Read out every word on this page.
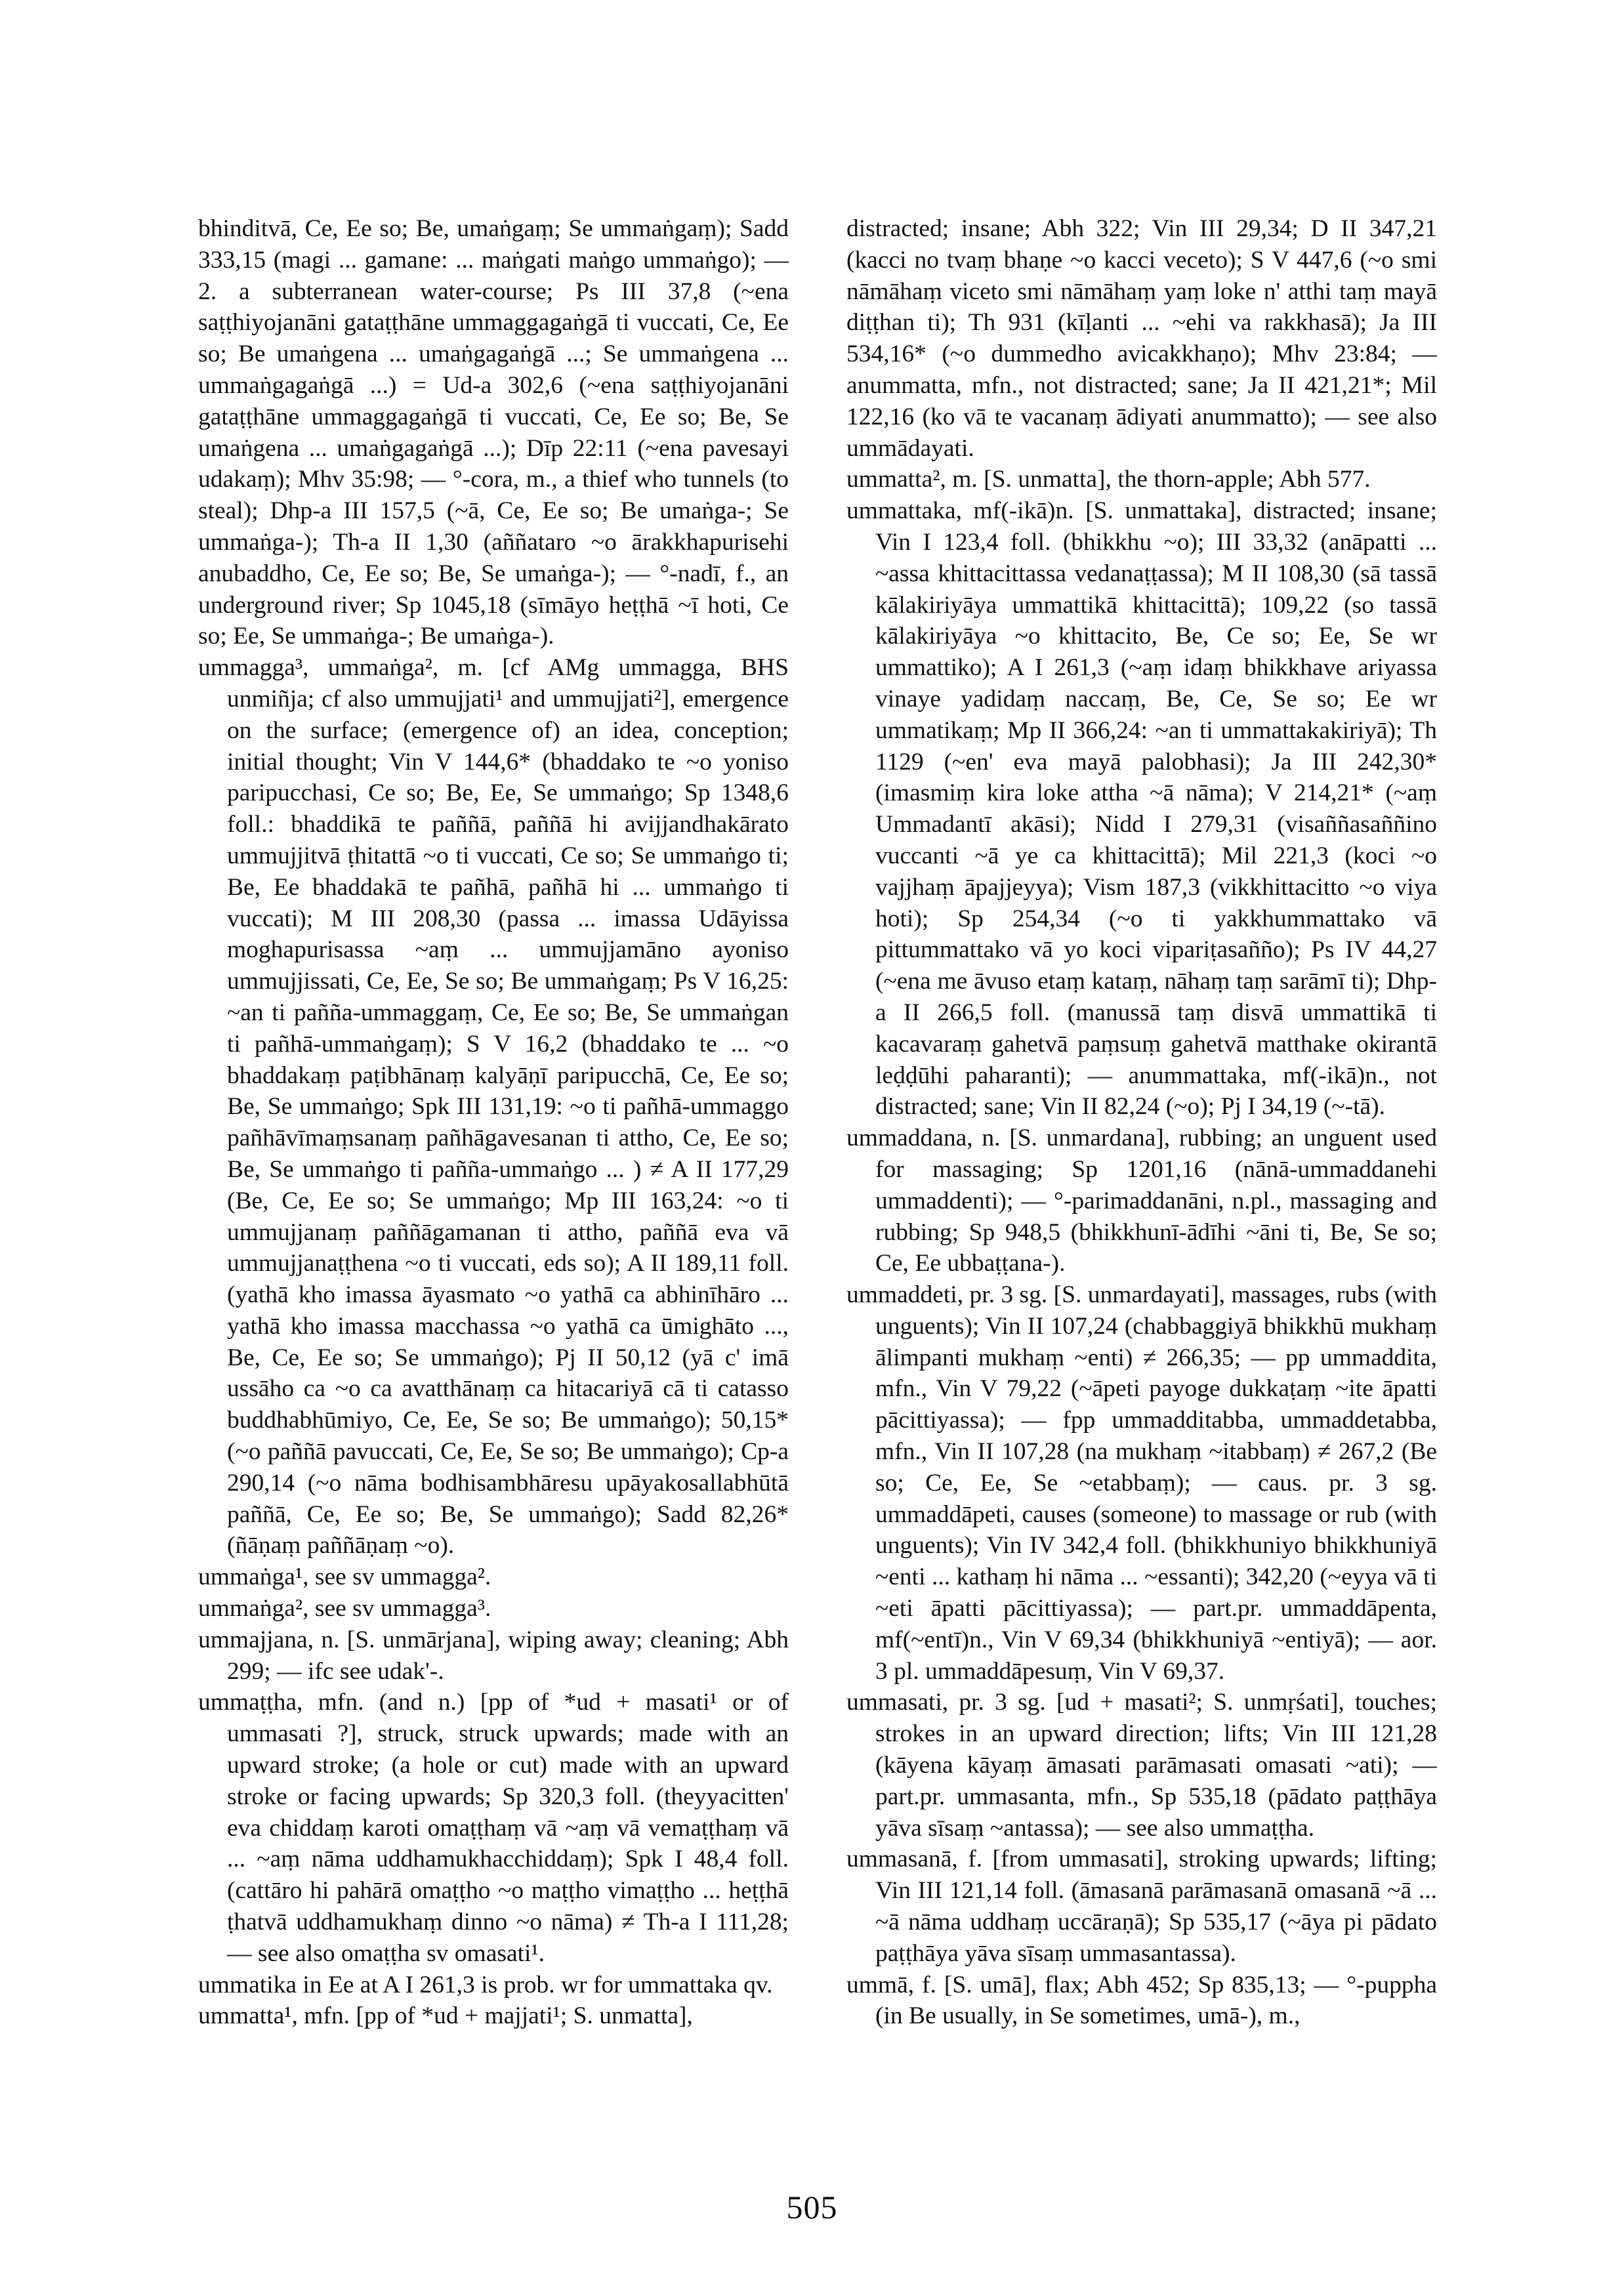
bhinditvā, Ce, Ee so; Be, umaṅgaṃ; Se ummaṅgaṃ); Sadd 333,15 (magi ... gamane: ... maṅgati maṅgo ummaṅgo); — 2. a subterranean water-course; Ps III 37,8 (~ena saṭṭhiyojanāni gataṭṭhāne ummaggagaṅgā ti vuccati, Ce, Ee so; Be umaṅgena ... umaṅgagaṅgā ...; Se ummaṅgena ... ummaṅgagaṅgā ...) = Ud-a 302,6 (~ena saṭṭhiyojanāni gataṭṭhāne ummaggagaṅgā ti vuccati, Ce, Ee so; Be, Se umaṅgena ... umaṅgagaṅgā ...); Dīp 22:11 (~ena pavesayi udakaṃ); Mhv 35:98; — °-cora, m., a thief who tunnels (to steal); Dhp-a III 157,5 (~ā, Ce, Ee so; Be umaṅga-; Se ummaṅga-); Th-a II 1,30 (aññataro ~o ārakkhapurisehi anubaddho, Ce, Ee so; Be, Se umaṅga-); — °-nadī, f., an underground river; Sp 1045,18 (sīmāyo heṭṭhā ~ī hoti, Ce so; Ee, Se ummaṅga-; Be umaṅga-).

ummagga³, ummaṅga², m. [cf AMg ummagga, BHS unmiñja; cf also ummujjati¹ and ummujjati²], emergence on the surface; (emergence of) an idea, conception; initial thought; Vin V 144,6* (bhaddako te ~o yoniso paripucchasi, Ce so; Be, Ee, Se ummaṅgo; Sp 1348,6 foll.: bhaddikā te paññā, paññā hi avijjandhakārato ummujjitvā ṭhitattā ~o ti vuccati, Ce so; Se ummaṅgo ti; Be, Ee bhaddakā te pañhā, pañhā hi ... ummaṅgo ti vuccati); M III 208,30 (passa ... imassa Udāyissa moghapurisassa ~aṃ ... ummujjamāno ayoniso ummujjissati, Ce, Ee, Se so; Be ummaṅgaṃ; Ps V 16,25: ~an ti pañña-ummaggaṃ, Ce, Ee so; Be, Se ummaṅgan ti pañhā-ummaṅgaṃ); S V 16,2 (bhaddako te ... ~o bhaddakaṃ paṭibhānaṃ kalyāṇī paripucchā, Ce, Ee so; Be, Se ummaṅgo; Spk III 131,19: ~o ti pañhā-ummaggo pañhāvīmaṃsanaṃ pañhāgavesanan ti attho, Ce, Ee so; Be, Se ummaṅgo ti pañña-ummaṅgo ... ) ≠ A II 177,29 (Be, Ce, Ee so; Se ummaṅgo; Mp III 163,24: ~o ti ummujjanaṃ paññāgamanan ti attho, paññā eva vā ummujjanaṭṭhena ~o ti vuccati, eds so); A II 189,11 foll. (yathā kho imassa āyasmato ~o yathā ca abhinīhāro ... yathā kho imassa macchassa ~o yathā ca ūmighāto ..., Be, Ce, Ee so; Se ummaṅgo); Pj II 50,12 (yā c' imā ussāho ca ~o ca avatthānaṃ ca hitacariyā cā ti catasso buddhabhūmiyo, Ce, Ee, Se so; Be ummaṅgo); 50,15* (~o paññā pavuccati, Ce, Ee, Se so; Be ummaṅgo); Cp-a 290,14 (~o nāma bodhisambhāresu upāyakosallabhūtā paññā, Ce, Ee so; Be, Se ummaṅgo); Sadd 82,26* (ñāṇaṃ paññāṇaṃ ~o).

ummaṅga¹, see sv ummagga².

ummaṅga², see sv ummagga³.

ummajjana, n. [S. unmārjana], wiping away; cleaning; Abh 299; — ifc see udak'-.

ummaṭṭha, mfn. (and n.) [pp of *ud + masati¹ or of ummasati ?], struck, struck upwards; made with an upward stroke; (a hole or cut) made with an upward stroke or facing upwards; Sp 320,3 foll. (theyyacitten' eva chiddaṃ karoti omaṭṭhaṃ vā ~aṃ vā vemaṭṭhaṃ vā ... ~aṃ nāma uddhamukhacchiddaṃ); Spk I 48,4 foll. (cattāro hi pahārā omaṭṭho ~o maṭṭho vimaṭṭho ... heṭṭhā ṭhatvā uddhamukhaṃ dinno ~o nāma) ≠ Th-a I 111,28; — see also omaṭṭha sv omasati¹.

ummatika in Ee at A I 261,3 is prob. wr for ummattaka qv.

ummatta¹, mfn. [pp of *ud + majjati¹; S. unmatta],

distracted; insane; Abh 322; Vin III 29,34; D II 347,21 (kacci no tvaṃ bhaṇe ~o kacci veceto); S V 447,6 (~o smi nāmāhaṃ viceto smi nāmāhaṃ yaṃ loke n' atthi taṃ mayā diṭṭhan ti); Th 931 (kīḷanti ... ~ehi va rakkhasā); Ja III 534,16* (~o dummedho avicakkhaṇo); Mhv 23:84; — anummatta, mfn., not distracted; sane; Ja II 421,21*; Mil 122,16 (ko vā te vacanaṃ ādiyati anummatto); — see also ummādayati.

ummatta², m. [S. unmatta], the thorn-apple; Abh 577.

ummattaka, mf(-ikā)n. [S. unmattaka], distracted; insane; Vin I 123,4 foll. (bhikkhu ~o); III 33,32 (anāpatti ... ~assa khittacittassa vedanaṭṭassa); M II 108,30 (sā tassā kālakiriyāya ummattikā khittacittā); 109,22 (so tassā kālakiriyāya ~o khittacito, Be, Ce so; Ee, Se wr ummattiko); A I 261,3 (~aṃ idaṃ bhikkhave ariyassa vinaye yadidaṃ naccaṃ, Be, Ce, Se so; Ee wr ummatikaṃ; Mp II 366,24: ~an ti ummattakakiriyā); Th 1129 (~en' eva mayā palobhasi); Ja III 242,30* (imasmiṃ kira loke attha ~ā nāma); V 214,21* (~aṃ Ummadantī akāsi); Nidd I 279,31 (visaññasaññino vuccanti ~ā ye ca khittacittā); Mil 221,3 (koci ~o vajjhaṃ āpajjeyya); Vism 187,3 (vikkhittacitto ~o viya hoti); Sp 254,34 (~o ti yakkhummattako vā pittummattako vā yo koci vipariṭasañño); Ps IV 44,27 (~ena me āvuso etaṃ kataṃ, nāhaṃ taṃ sarāmī ti); Dhp-a II 266,5 foll. (manussā taṃ disvā ummattikā ti kacavaraṃ gahetvā paṃsuṃ gahetvā matthake okirantā leḍḍūhi paharanti); — anummattaka, mf(-ikā)n., not distracted; sane; Vin II 82,24 (~o); Pj I 34,19 (~-tā).

ummaddana, n. [S. unmardana], rubbing; an unguent used for massaging; Sp 1201,16 (nānā-ummaddanehi ummaddenti); — °-parimaddanāni, n.pl., massaging and rubbing; Sp 948,5 (bhikkhunī-ādīhi ~āni ti, Be, Se so; Ce, Ee ubbaṭṭana-).

ummaddeti, pr. 3 sg. [S. unmardayati], massages, rubs (with unguents); Vin II 107,24 (chabbaggiyā bhikkhū mukhaṃ ālimpanti mukhaṃ ~enti) ≠ 266,35; — pp ummaddita, mfn., Vin V 79,22 (~āpeti payoge dukkaṭaṃ ~ite āpatti pācittiyassa); — fpp ummadditabba, ummaddetabba, mfn., Vin II 107,28 (na mukhaṃ ~itabbaṃ) ≠ 267,2 (Be so; Ce, Ee, Se ~etabbaṃ); — caus. pr. 3 sg. ummaddāpeti, causes (someone) to massage or rub (with unguents); Vin IV 342,4 foll. (bhikkhuniyo bhikkhuniyā ~enti ... kathaṃ hi nāma ... ~essanti); 342,20 (~eyya vā ti ~eti āpatti pācittiyassa); — part.pr. ummaddāpenta, mf(~entī)n., Vin V 69,34 (bhikkhuniyā ~entiyā); — aor. 3 pl. ummaddāpesuṃ, Vin V 69,37.

ummasati, pr. 3 sg. [ud + masati²; S. unmṛśati], touches; strokes in an upward direction; lifts; Vin III 121,28 (kāyena kāyaṃ āmasati parāmasati omasati ~ati); — part.pr. ummasanta, mfn., Sp 535,18 (pādato paṭṭhāya yāva sīsaṃ ~antassa); — see also ummaṭṭha.

ummasanā, f. [from ummasati], stroking upwards; lifting; Vin III 121,14 foll. (āmasanā parāmasanā omasanā ~ā ... ~ā nāma uddhaṃ uccāraṇā); Sp 535,17 (~āya pi pādato paṭṭhāya yāva sīsaṃ ummasantassa).

ummā, f. [S. umā], flax; Abh 452; Sp 835,13; — °-puppha (in Be usually, in Se sometimes, umā-), m.,

505
